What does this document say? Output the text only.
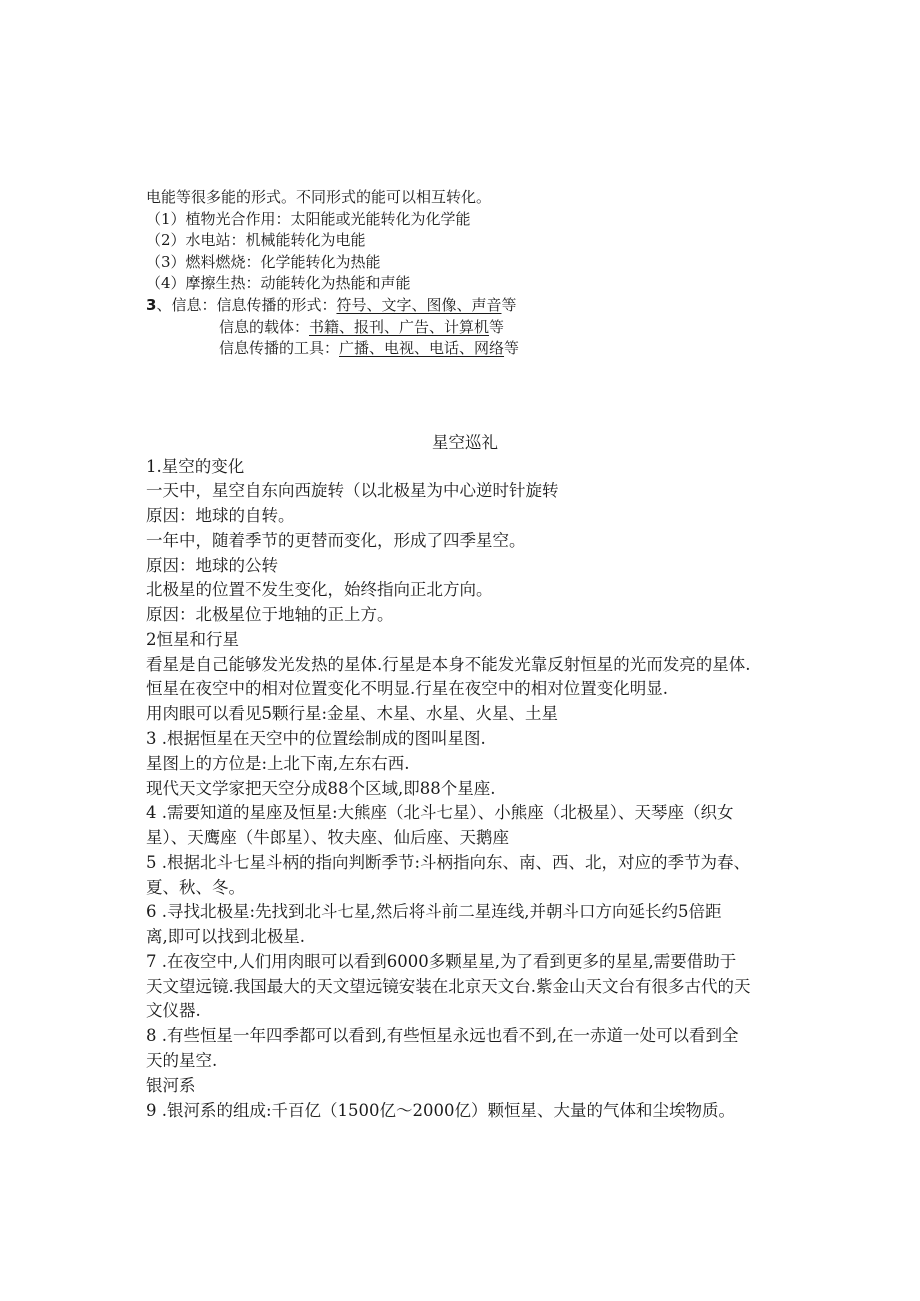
电能等很多能的形式。不同形式的能可以相互转化。
（1）植物光合作用：太阳能或光能转化为化学能
（2）水电站：机械能转化为电能
（3）燃料燃烧：化学能转化为热能
（4）摩擦生热：动能转化为热能和声能
3、信息：信息传播的形式：符号、文字、图像、声音等
信息的载体：书籍、报刊、广告、计算机等
信息传播的工具：广播、电视、电话、网络等
星空巡礼
1.星空的变化
一天中，星空自东向西旋转（以北极星为中心逆时针旋转
原因：地球的自转。
一年中，随着季节的更替而变化，形成了四季星空。
原因：地球的公转
北极星的位置不发生变化，始终指向正北方向。
原因：北极星位于地轴的正上方。
2恒星和行星
看星是自己能够发光发热的星体.行星是本身不能发光靠反射恒星的光而发亮的星体.
恒星在夜空中的相对位置变化不明显.行星在夜空中的相对位置变化明显.
用肉眼可以看见5颗行星:金星、木星、水星、火星、土星
3 .根据恒星在天空中的位置绘制成的图叫星图.
星图上的方位是:上北下南,左东右西.
现代天文学家把天空分成88个区域,即88个星座.
4 .需要知道的星座及恒星:大熊座（北斗七星）、小熊座（北极星）、天琴座（织女
星）、天鹰座（牛郎星）、牧夫座、仙后座、天鹅座
5 .根据北斗七星斗柄的指向判断季节:斗柄指向东、南、西、北，对应的季节为春、
夏、秋、冬。
6 .寻找北极星:先找到北斗七星,然后将斗前二星连线,并朝斗口方向延长约5倍距
离,即可以找到北极星.
7 .在夜空中,人们用肉眼可以看到6000多颗星星,为了看到更多的星星,需要借助于
天文望远镜.我国最大的天文望远镜安装在北京天文台.紫金山天文台有很多古代的天
文仪器.
8 .有些恒星一年四季都可以看到,有些恒星永远也看不到,在一赤道一处可以看到全
天的星空.
银河系
9 .银河系的组成:千百亿（1500亿～2000亿）颗恒星、大量的气体和尘埃物质。
